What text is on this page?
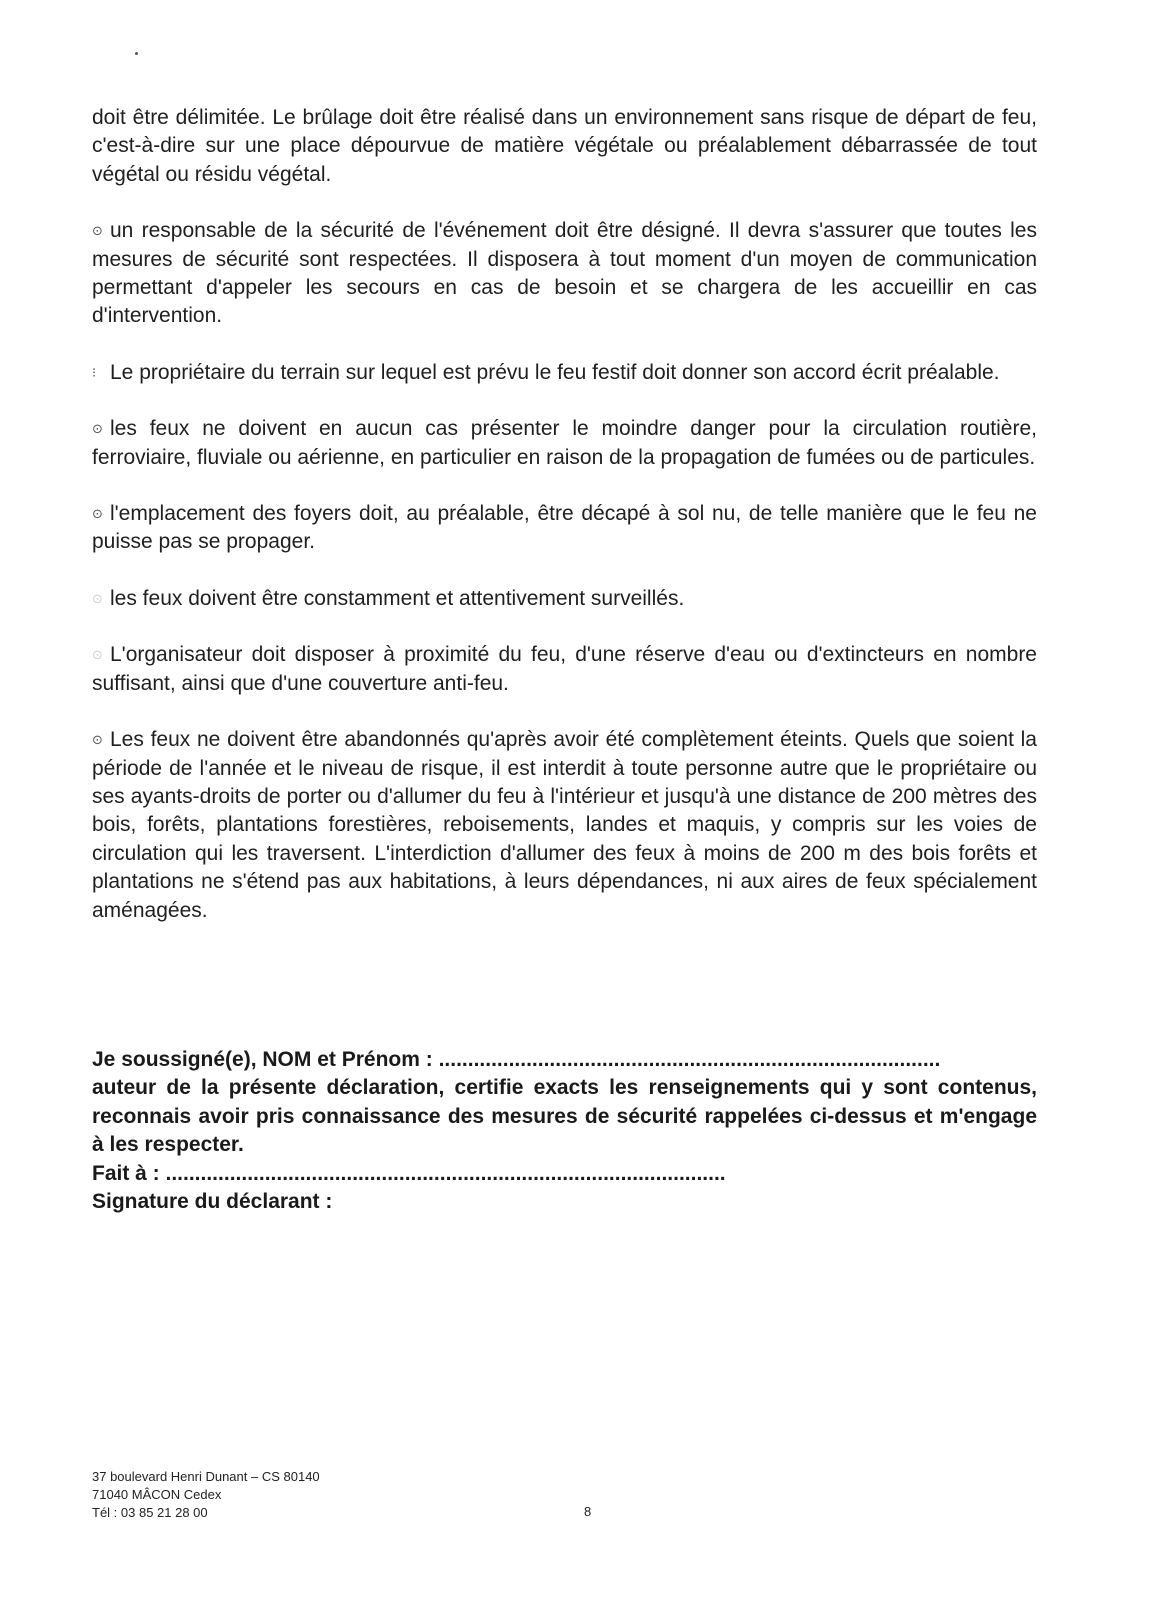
doit être délimitée. Le brûlage doit être réalisé dans un environnement sans risque de départ de feu, c'est-à-dire sur une place dépourvue de matière végétale ou préalablement débarrassée de tout végétal ou résidu végétal.

⊙ un responsable de la sécurité de l'événement doit être désigné. Il devra s'assurer que toutes les mesures de sécurité sont respectées. Il disposera à tout moment d'un moyen de communication permettant d'appeler les secours en cas de besoin et se chargera de les accueillir en cas d'intervention.

⁝ Le propriétaire du terrain sur lequel est prévu le feu festif doit donner son accord écrit préalable.

⊙ les feux ne doivent en aucun cas présenter le moindre danger pour la circulation routière, ferroviaire, fluviale ou aérienne, en particulier en raison de la propagation de fumées ou de particules.

⊙ l'emplacement des foyers doit, au préalable, être décapé à sol nu, de telle manière que le feu ne puisse pas se propager.

⊙ les feux doivent être constamment et attentivement surveillés.

⊙ L'organisateur doit disposer à proximité du feu, d'une réserve d'eau ou d'extincteurs en nombre suffisant, ainsi que d'une couverture anti-feu.

⊙ Les feux ne doivent être abandonnés qu'après avoir été complètement éteints. Quels que soient la période de l'année et le niveau de risque, il est interdit à toute personne autre que le propriétaire ou ses ayants-droits de porter ou d'allumer du feu à l'intérieur et jusqu'à une distance de 200 mètres des bois, forêts, plantations forestières, reboisements, landes et maquis, y compris sur les voies de circulation qui les traversent. L'interdiction d'allumer des feux à moins de 200 m des bois forêts et plantations ne s'étend pas aux habitations, à leurs dépendances, ni aux aires de feux spécialement aménagées.

Je soussigné(e), NOM et Prénom : ......................................................................................

auteur de la présente déclaration, certifie exacts les renseignements qui y sont contenus, reconnais avoir pris connaissance des mesures de sécurité rappelées ci-dessus et m'engage à les respecter.

Fait à : ................................................................................................

Signature du déclarant :

37 boulevard Henri Dunant – CS 80140
71040 MÂCON Cedex
Tél : 03 85 21 28 00	8
